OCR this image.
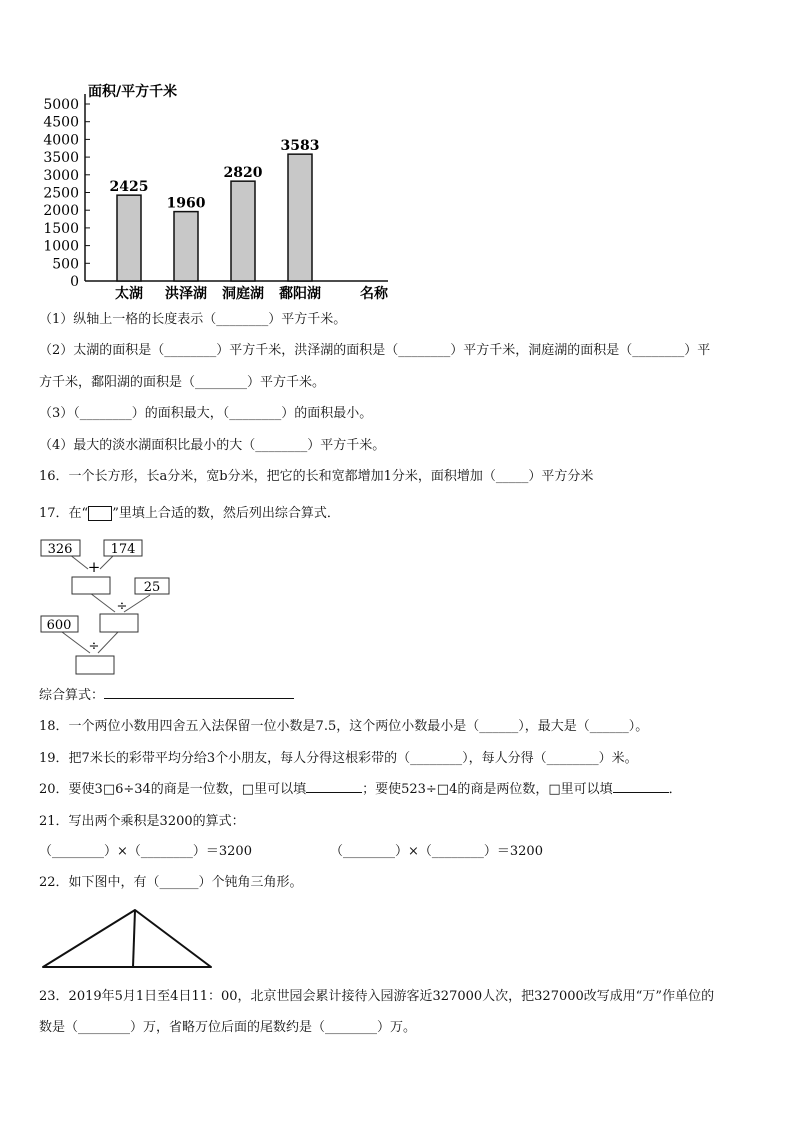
面积/平方千米
5000
4500
4000
3500
3000
2500
2000
1500
1000
500
0
2425
太湖
1960
洪泽湖
2820
洞庭湖
3583
鄱阳湖	名称
（1）纵轴上一格的长度表示（________）平方千米。
（2）太湖的面积是（________）平方千米，洪泽湖的面积是（________）平方千米，洞庭湖的面积是（________）平
方千米，鄱阳湖的面积是（________）平方千米。
（3）（________）的面积最大，（________）的面积最小。
（4）最大的淡水湖面积比最小的大（________）平方千米。
16．一个长方形，长a分米，宽b分米，把它的长和宽都增加1分米，面积增加（_____）平方分米
17．在“ ”里填上合适的数，然后列出综合算式．
326	174
+
25
÷
600
÷
综合算式：
18．一个两位小数用四舍五入法保留一位小数是7.5，这个两位小数最小是（______），最大是（______）。
19．把7米长的彩带平均分给3个小朋友，每人分得这根彩带的（________），每人分得（________）米。
20．要使3□6÷34的商是一位数，□里可以填	；要使523÷□4的商是两位数，□里可以填	．
21．写出两个乘积是3200的算式：
（________）×（________）＝3200	（________）×（________）＝3200
22．如下图中，有（______）个钝角三角形。
23．2019年5月1日至4日11：00，北京世园会累计接待入园游客近327000人次，把327000改写成用“万”作单位的
数是（________）万，省略万位后面的尾数约是（________）万。
